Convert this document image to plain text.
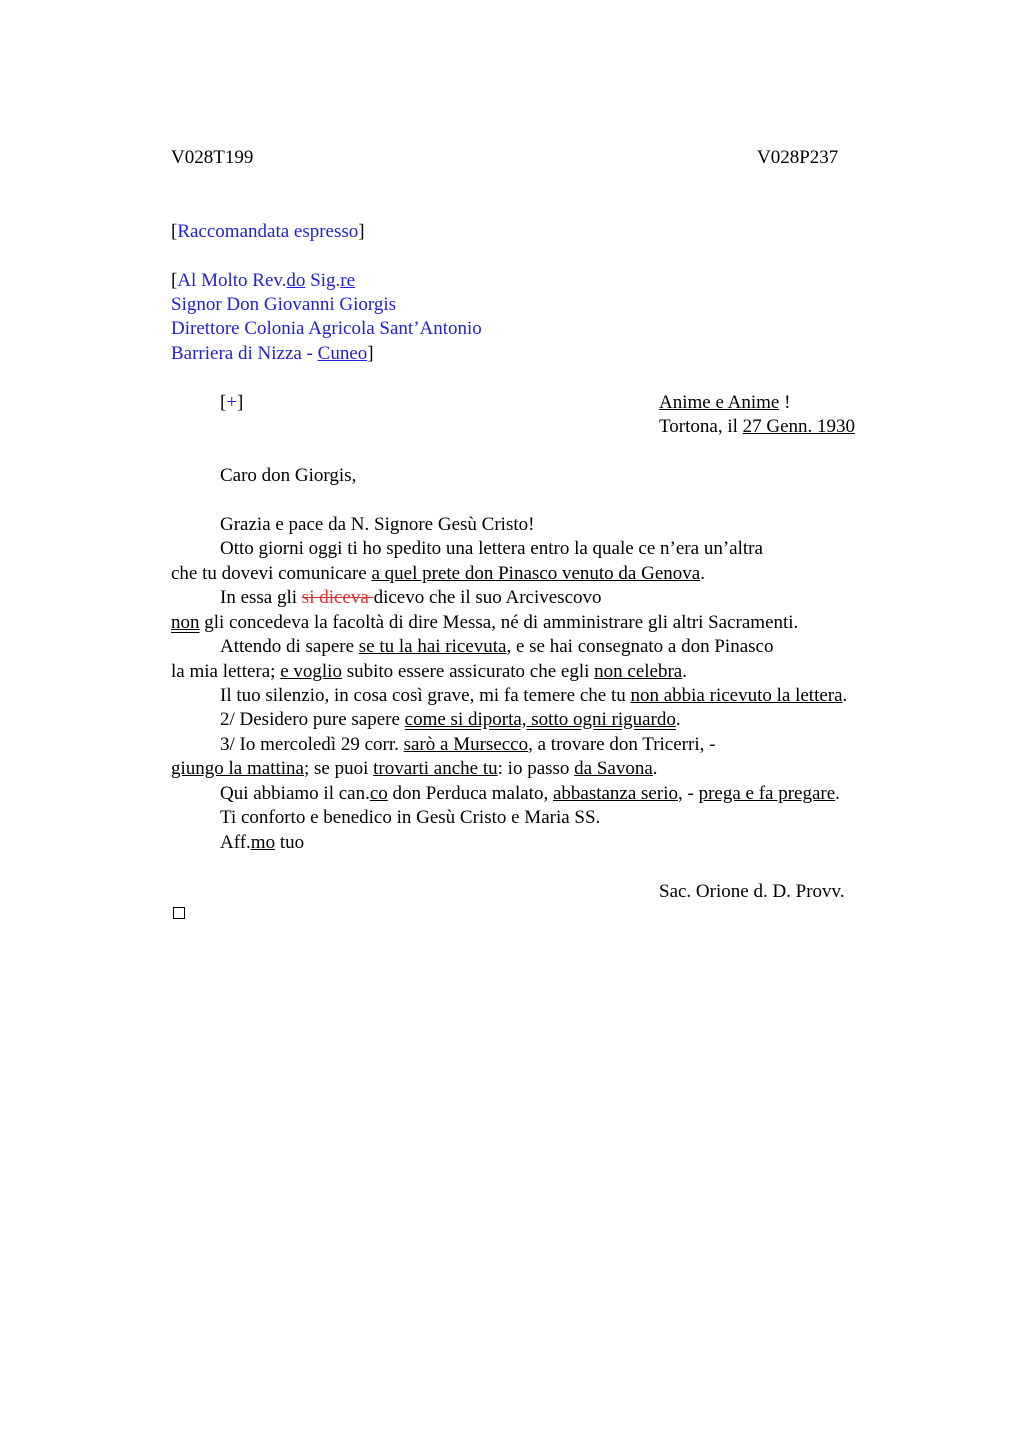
V028T199	V028P237
[Raccomandata espresso]
[Al Molto Rev.do Sig.re
Signor Don Giovanni Giorgis
Direttore Colonia Agricola Sant’Antonio
Barriera di Nizza - Cuneo]
[+]	Anime e Anime !
Tortona, il 27 Genn. 1930
Caro don Giorgis,
Grazia e pace da N. Signore Gesù Cristo!
Otto giorni oggi ti ho spedito una lettera entro la quale ce n’era un’altra
che tu dovevi comunicare a quel prete don Pinasco venuto da Genova.
In essa gli si diceva dicevo che il suo Arcivescovo
non gli concedeva la facoltà di dire Messa, né di amministrare gli altri Sacramenti.
Attendo di sapere se tu la hai ricevuta, e se hai consegnato a don Pinasco
la mia lettera; e voglio subito essere assicurato che egli non celebra.
Il tuo silenzio, in cosa così grave, mi fa temere che tu non abbia ricevuto la lettera.
2/ Desidero pure sapere come si diporta, sotto ogni riguardo.
3/ Io mercoledì 29 corr. sarò a Mursecco, a trovare don Tricerri, -
giungo la mattina; se puoi trovarti anche tu: io passo da Savona.
Qui abbiamo il can.co don Perduca malato, abbastanza serio, - prega e fa pregare.
Ti conforto e benedico in Gesù Cristo e Maria SS.
Aff.mo tuo
Sac. Orione d. D. Provv.
